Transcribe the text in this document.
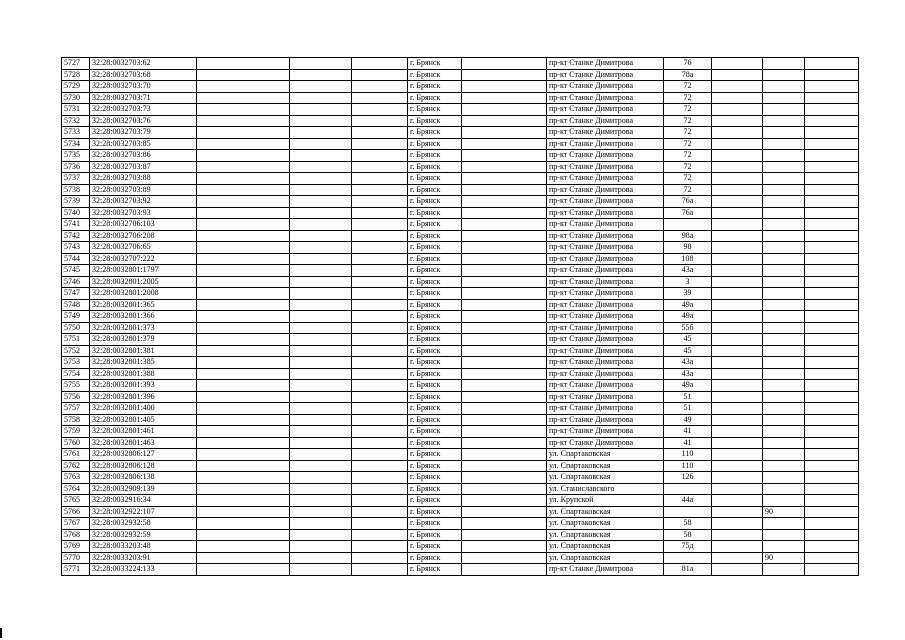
5727	32:28:0032703:62				г. Брянск		пр-кт Станке Димитрова	76			
5728	32:28:0032703:68				г. Брянск		пр-кт Станке Димитрова	78а			
5729	32:28:0032703:70				г. Брянск		пр-кт Станке Димитрова	72			
5730	32:28:0032703:71				г. Брянск		пр-кт Станке Димитрова	72			
5731	32:28:0032703:73				г. Брянск		пр-кт Станке Димитрова	72			
5732	32:28:0032703:76				г. Брянск		пр-кт Станке Димитрова	72			
5733	32:28:0032703:79				г. Брянск		пр-кт Станке Димитрова	72			
5734	32:28:0032703:85				г. Брянск		пр-кт Станке Димитрова	72			
5735	32:28:0032703:86				г. Брянск		пр-кт Станке Димитрова	72			
5736	32:28:0032703:87				г. Брянск		пр-кт Станке Димитрова	72			
5737	32:28:0032703:88				г. Брянск		пр-кт Станке Димитрова	72			
5738	32:28:0032703:89				г. Брянск		пр-кт Станке Димитрова	72			
5739	32:28:0032703:92				г. Брянск		пр-кт Станке Димитрова	76а			
5740	32:28:0032703:93				г. Брянск		пр-кт Станке Димитрова	76а			
5741	32:28:0032706:103				г. Брянск		пр-кт Станке Димитрова				
5742	32:28:0032706:208				г. Брянск		пр-кт Станке Димитрова	98а			
5743	32:28:0032706:65				г. Брянск		пр-кт Станке Димитрова	98			
5744	32:28:0032707:222				г. Брянск		пр-кт Станке Димитрова	108			
5745	32:28:0032801:1797				г. Брянск		пр-кт Станке Димитрова	43а			
5746	32:28:0032801:2005				г. Брянск		пр-кт Станке Димитрова	3			
5747	32:28:0032801:2008				г. Брянск		пр-кт Станке Димитрова	39			
5748	32:28:0032801:365				г. Брянск		пр-кт Станке Димитрова	49а			
5749	32:28:0032801:366				г. Брянск		пр-кт Станке Димитрова	49а			
5750	32:28:0032801:373				г. Брянск		пр-кт Станке Димитрова	55б			
5751	32:28:0032801:379				г. Брянск		пр-кт Станке Димитрова	45			
5752	32:28:0032801:381				г. Брянск		пр-кт Станке Димитрова	45			
5753	32:28:0032801:385				г. Брянск		пр-кт Станке Димитрова	43а			
5754	32:28:0032801:388				г. Брянск		пр-кт Станке Димитрова	43а			
5755	32:28:0032801:393				г. Брянск		пр-кт Станке Димитрова	49а			
5756	32:28:0032801:396				г. Брянск		пр-кт Станке Димитрова	51			
5757	32:28:0032801:400				г. Брянск		пр-кт Станке Димитрова	51			
5758	32:28:0032801:405				г. Брянск		пр-кт Станке Димитрова	49			
5759	32:28:0032801:461				г. Брянск		пр-кт Станке Димитрова	41			
5760	32:28:0032801:463				г. Брянск		пр-кт Станке Димитрова	41			
5761	32:28:0032806:127				г. Брянск		ул. Спартаковская	110			
5762	32:28:0032806:128				г. Брянск		ул. Спартаковская	110			
5763	32:28:0032806:138				г. Брянск		ул. Спартаковская	126			
5764	32:28:0032909:139				г. Брянск		ул. Станиславского				
5765	32:28:0032916:34				г. Брянск		ул. Крупской	44а			
5766	32:28:0032922:107				г. Брянск		ул. Спартаковская			90	
5767	32:28:0032932:58				г. Брянск		ул. Спартаковская	58			
5768	32:28:0032932:59				г. Брянск		ул. Спартаковская	58			
5769	32:28:0033203:48				г. Брянск		ул. Спартаковская	75д			
5770	32:28:0033203:91				г. Брянск		ул. Спартаковская			90	
5771	32:28:0033224:133				г. Брянск		пр-кт Станке Димитрова	81а			
